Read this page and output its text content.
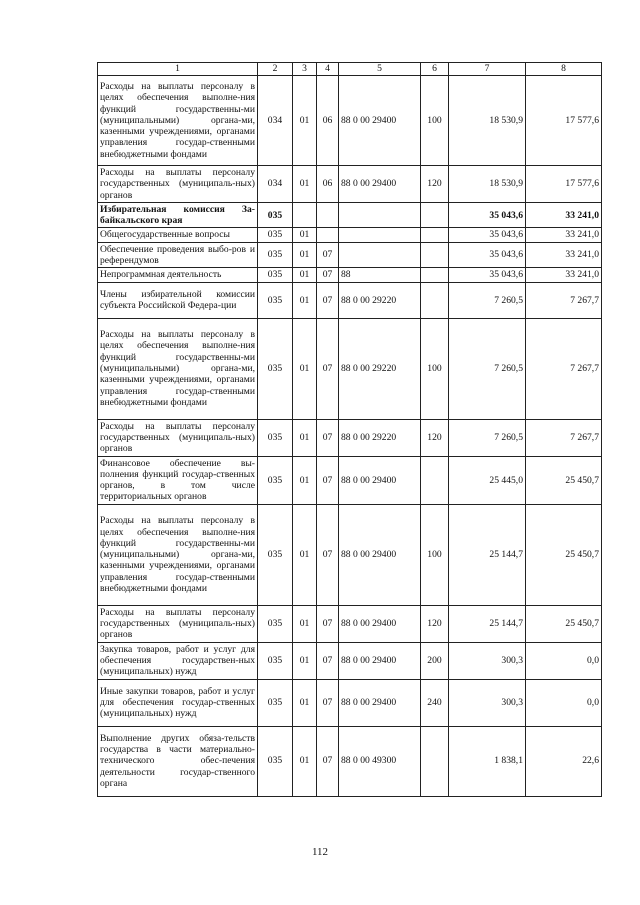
1	2	3	4	5	6	7	8
Расходы на выплаты персоналу в целях обеспечения выполне-ния функций государственны-ми (муниципальными) органа-ми, казенными учреждениями, органами управления государ-ственными внебюджетными фондами	034	01	06	88 0 00 29400	100	18 530,9	17 577,6
Расходы на выплаты персоналу государственных (муниципаль-ных) органов	034	01	06	88 0 00 29400	120	18 530,9	17 577,6
Избирательная комиссия За-байкальского края	035					35 043,6	33 241,0
Общегосударственные вопросы	035	01				35 043,6	33 241,0
Обеспечение проведения выбо-ров и референдумов	035	01	07			35 043,6	33 241,0
Непрограммная деятельность	035	01	07	88		35 043,6	33 241,0
Члены избирательной комиссии субъекта Российской Федера-ции	035	01	07	88 0 00 29220		7 260,5	7 267,7
Расходы на выплаты персоналу в целях обеспечения выполне-ния функций государственны-ми (муниципальными) органа-ми, казенными учреждениями, органами управления государ-ственными внебюджетными фондами	035	01	07	88 0 00 29220	100	7 260,5	7 267,7
Расходы на выплаты персоналу государственных (муниципаль-ных) органов	035	01	07	88 0 00 29220	120	7 260,5	7 267,7
Финансовое обеспечение вы-полнения функций государ-ственных органов, в том числе территориальных органов	035	01	07	88 0 00 29400		25 445,0	25 450,7
Расходы на выплаты персоналу в целях обеспечения выполне-ния функций государственны-ми (муниципальными) органа-ми, казенными учреждениями, органами управления государ-ственными внебюджетными фондами	035	01	07	88 0 00 29400	100	25 144,7	25 450,7
Расходы на выплаты персоналу государственных (муниципаль-ных) органов	035	01	07	88 0 00 29400	120	25 144,7	25 450,7
Закупка товаров, работ и услуг для обеспечения государствен-ных (муниципальных) нужд	035	01	07	88 0 00 29400	200	300,3	0,0
Иные закупки товаров, работ и услуг для обеспечения государ-ственных (муниципальных) нужд	035	01	07	88 0 00 29400	240	300,3	0,0
Выполнение других обяза-тельств государства в части материально-технического обес-печения деятельности государ-ственного органа	035	01	07	88 0 00 49300		1 838,1	22,6
112
